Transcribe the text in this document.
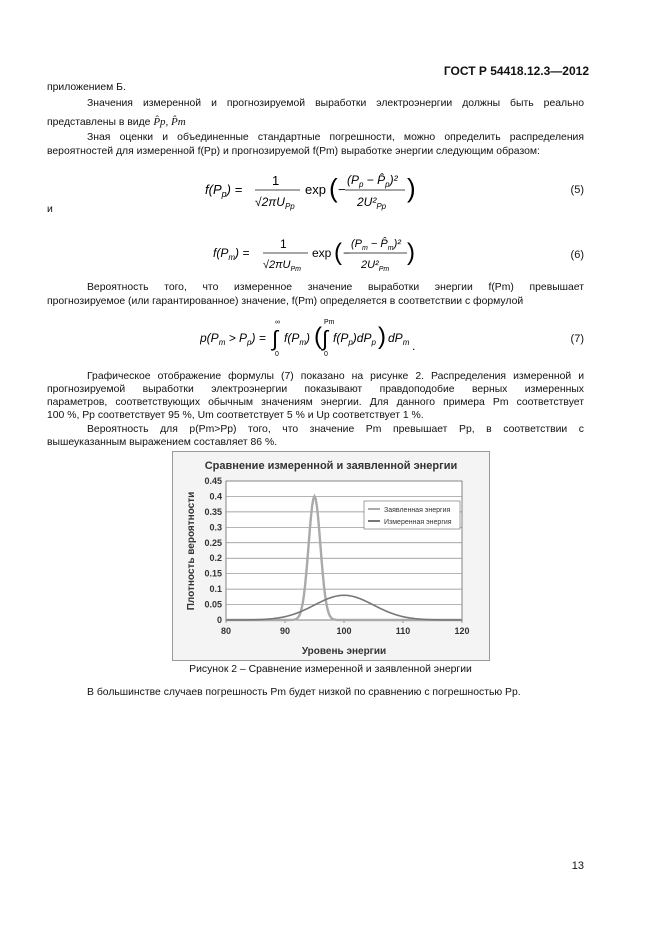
ГОСТ Р 54418.12.3—2012
приложением Б.
Значения измеренной и прогнозируемой выработки электроэнергии должны быть реально
представлены в виде P̂p, P̂m
Зная оценки и объединенные стандартные погрешности, можно определить распределения
вероятностей для измеренной f(Pp) и прогнозируемой f(Pm) выработке энергии следующим образом:
$f(P_p)$ =
1
$√2\pi U_{Pp}$
exp ( −
($P_p$ − $P̂_p)^2$
$2U^2_{Pp}$
)	(5)
и
$f(P_m)$ =
1
$√2\pi U_{Pm}$
exp ( −
($P_m$ − $P̂_m)^2$
$2U^2_{Pm}$
)	(6)
Вероятность того, что измеренное значение выработки энергии f(Pm) превышает
прогнозируемое (или гарантированное) значение, f(Pm) определяется в соответствии с формулой
$p(P_m > P_p)$ =
∞
∫
0
$f(P_m)$ (
Pm
∫
0
$f(P_p)dP_p$ ) $dP_m$ .	(7)
Графическое отображение формулы (7) показано на рисунке 2. Распределения измеренной и
прогнозируемой выработки электроэнергии показывают правдоподобие верных измеренных
параметров, соответствующих обычным значениям энергии. Для данного примера Pm соответствует
100 %, Pp соответствует 95 %, Um соответствует 5 % и Up соответствует 1 %.
Вероятность для p(Pm>Pp) того, что значение Pm превышает Pp, в соответствии с
вышеуказанным выражением составляет 86 %.
0
0.05
0.1
0.15
0.2
0.25
0.3
0.35
0.4
0.45
80	90	100	110	120
Сравнение измеренной и заявленной энергии
Уровень энергии
Плотность вероятности	Заявленная энергия
Измеренная энергия
Рисунок 2 – Сравнение измеренной и заявленной энергии
В большинстве случаев погрешность Pm будет низкой по сравнению с погрешностью Pp.
13
